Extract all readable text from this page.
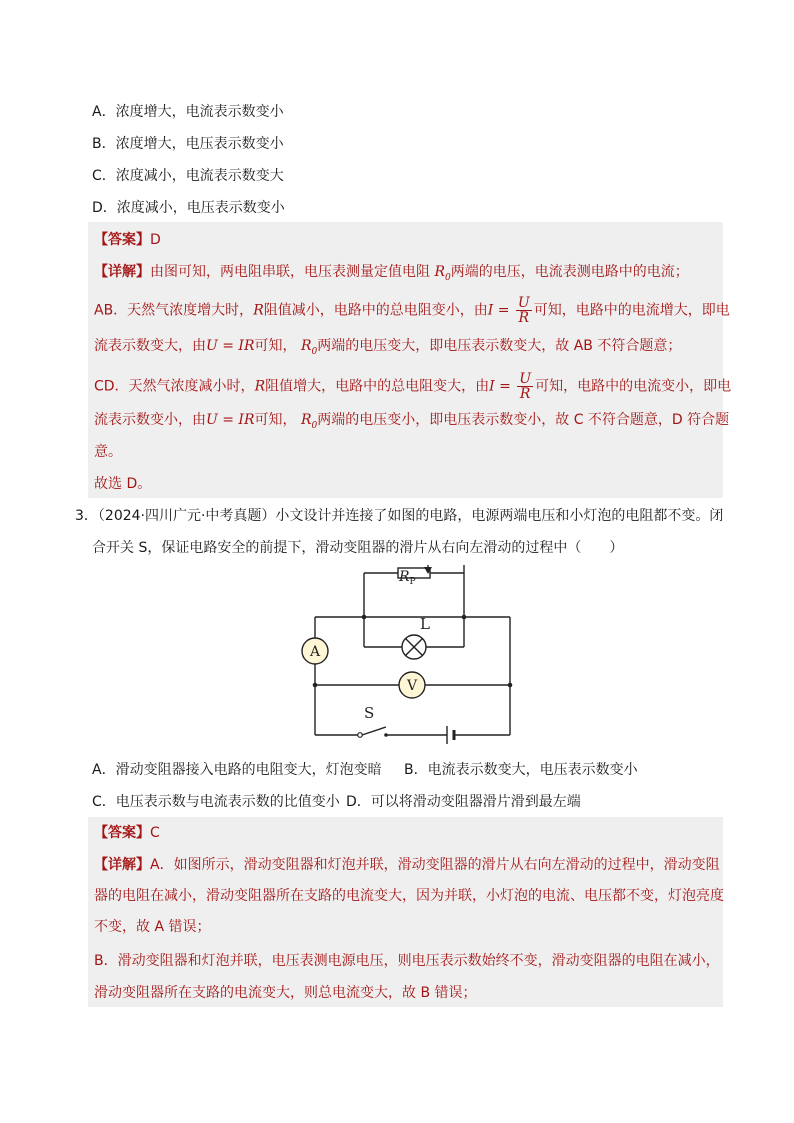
A．浓度增大，电流表示数变小
B．浓度增大，电压表示数变小
C．浓度减小，电流表示数变大
D．浓度减小，电压表示数变小
【答案】D
【详解】由图可知，两电阻串联，电压表测量定值电阻 $R_0$两端的电压，电流表测电路中的电流；
AB．天然气浓度增大时，R阻值减小，电路中的总电阻变小，由$I = \frac{U}{R}$ 可知，电路中的电流增大，即电
流表示数变大，由U = IR可知， $R_0$两端的电压变大，即电压表示数变大，故 AB 不符合题意；
CD．天然气浓度减小时，R阻值增大，电路中的总电阻变大，由$I = \frac{U}{R}$ 可知，电路中的电流变小，即电
流表示数变小，由U = IR可知， $R_0$两端的电压变小，即电压表示数变小，故 C 不符合题意，D 符合题
意。
故选 D。
3．（2024·四川广元·中考真题）小文设计并连接了如图的电路，电源两端电压和小灯泡的电阻都不变。闭
合开关 S，保证电路安全的前提下，滑动变阻器的滑片从右向左滑动的过程中（　　）
$R_P$
L
A
V
S
A．滑动变阻器接入电路的电阻变大，灯泡变暗 B．电流表示数变大，电压表示数变小
C．电压表示数与电流表示数的比值变小 D．可以将滑动变阻器滑片滑到最左端
【答案】C
【详解】A．如图所示，滑动变阻器和灯泡并联，滑动变阻器的滑片从右向左滑动的过程中，滑动变阻
器的电阻在减小，滑动变阻器所在支路的电流变大，因为并联，小灯泡的电流、电压都不变，灯泡亮度
不变，故 A 错误；
B．滑动变阻器和灯泡并联，电压表测电源电压，则电压表示数始终不变，滑动变阻器的电阻在减小，
滑动变阻器所在支路的电流变大，则总电流变大，故 B 错误；
